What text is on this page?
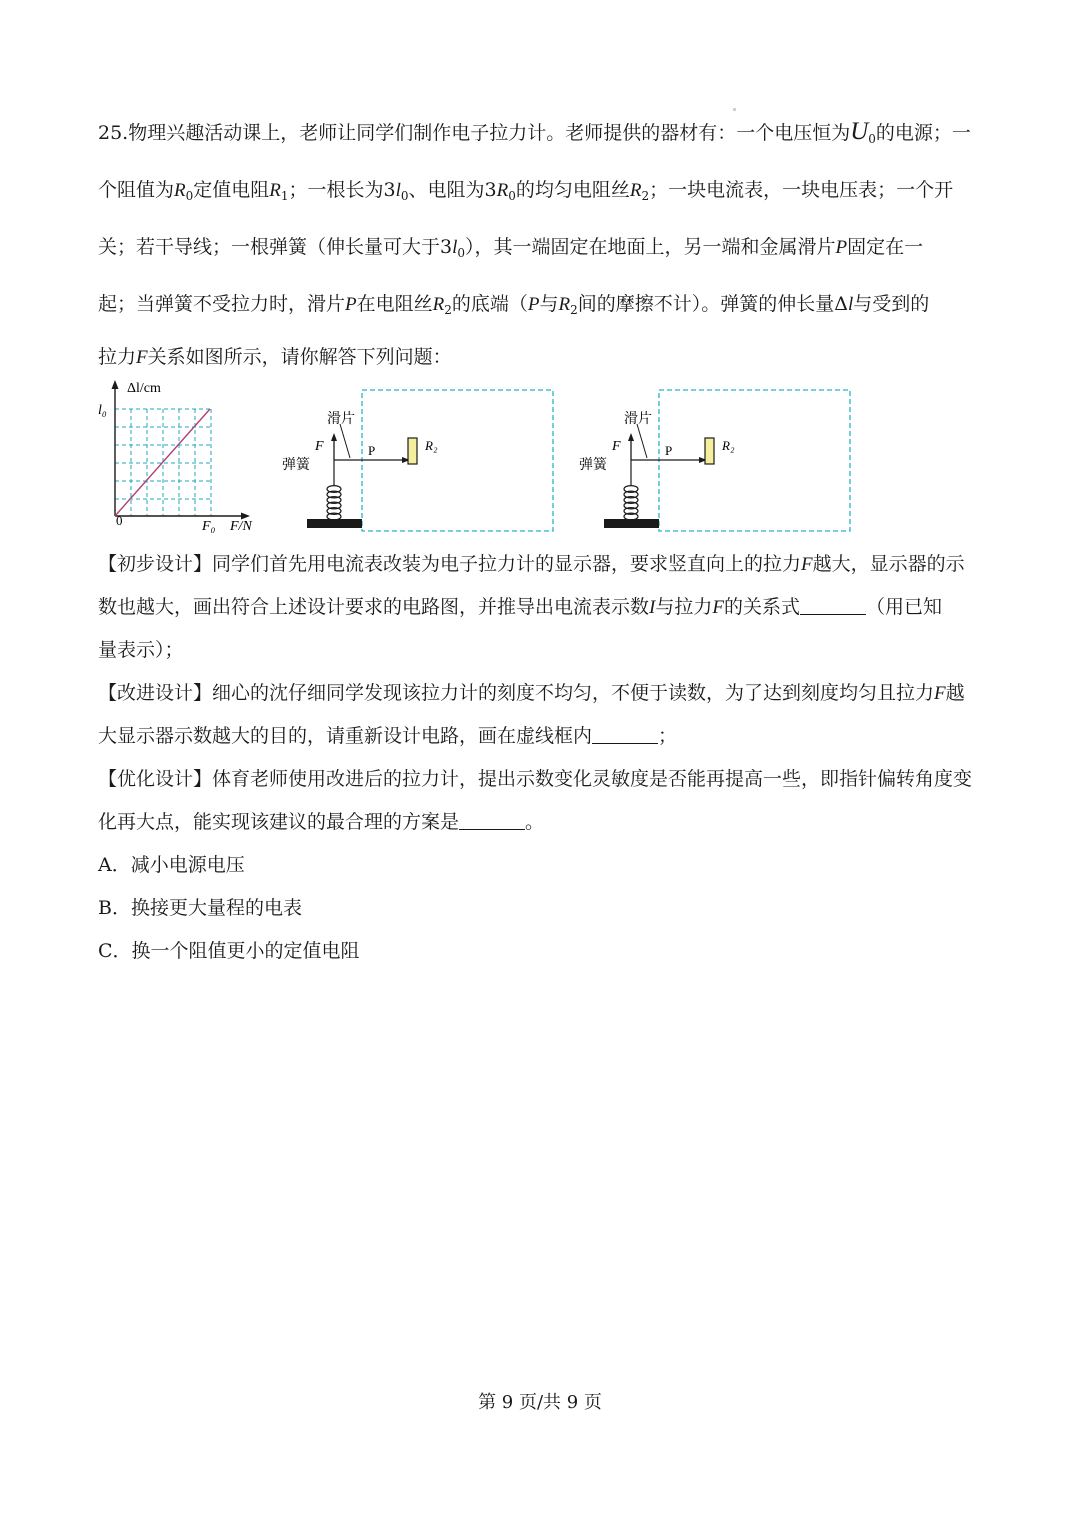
25.物理兴趣活动课上，老师让同学们制作电子拉力计。老师提供的器材有：一个电压恒为$U_0$的电源；一
个阻值为$R_0$定值电阻$R_1$；一根长为$3l_0$、电阻为$3R_0$的均匀电阻丝$R_2$；一块电流表，一块电压表；一个开
关；若干导线；一根弹簧（伸长量可大于$3l_0$），其一端固定在地面上，另一端和金属滑片P固定在一
起；当弹簧不受拉力时，滑片P在电阻丝$R_2$的底端（P与$R_2$间的摩擦不计）。弹簧的伸长量Δl与受到的
拉力F关系如图所示，请你解答下列问题：
Δl/cm
l₀
0	F₀ F/N
滑片
F
弹簧
P	R₂
滑片
F
弹簧
P	R₂
【初步设计】同学们首先用电流表改装为电子拉力计的显示器，要求竖直向上的拉力F越大，显示器的示
数也越大，画出符合上述设计要求的电路图，并推导出电流表示数I与拉力F的关系式	（用已知
量表示）；
【改进设计】细心的沈仔细同学发现该拉力计的刻度不均匀，不便于读数，为了达到刻度均匀且拉力F越
大显示器示数越大的目的，请重新设计电路，画在虚线框内	；
【优化设计】体育老师使用改进后的拉力计，提出示数变化灵敏度是否能再提高一些，即指针偏转角度变
化再大点，能实现该建议的最合理的方案是	。
A．减小电源电压
B．换接更大量程的电表
C．换一个阻值更小的定值电阻
第 9 页/共 9 页
